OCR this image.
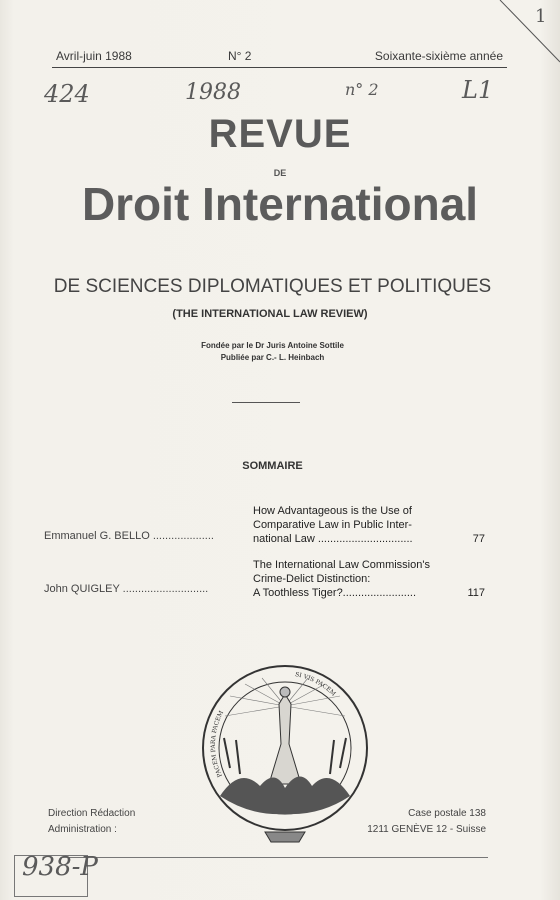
1
Avril-juin 1988	N° 2	Soixante-sixième année
424	1988	n° 2	L1
REVUE
DE
Droit International
DE SCIENCES DIPLOMATIQUES ET POLITIQUES
(THE INTERNATIONAL LAW REVIEW)
Fondée par le Dr Juris Antoine Sottile
Publiée par C.- L. Heinbach
SOMMAIRE
Emmanuel G. BELLO ....................
How Advantageous is the Use of
Comparative Law in Public Inter-
national Law ...............................	77
John QUIGLEY ............................
The International Law Commission's
Crime-Delict Distinction:
A Toothless Tiger?........................	117
PACEM PARA PACEM
SI VIS PACEM
Direction Rédaction
Administration :
Case postale 138
1211 GENÈVE 12 - Suisse
938-P
